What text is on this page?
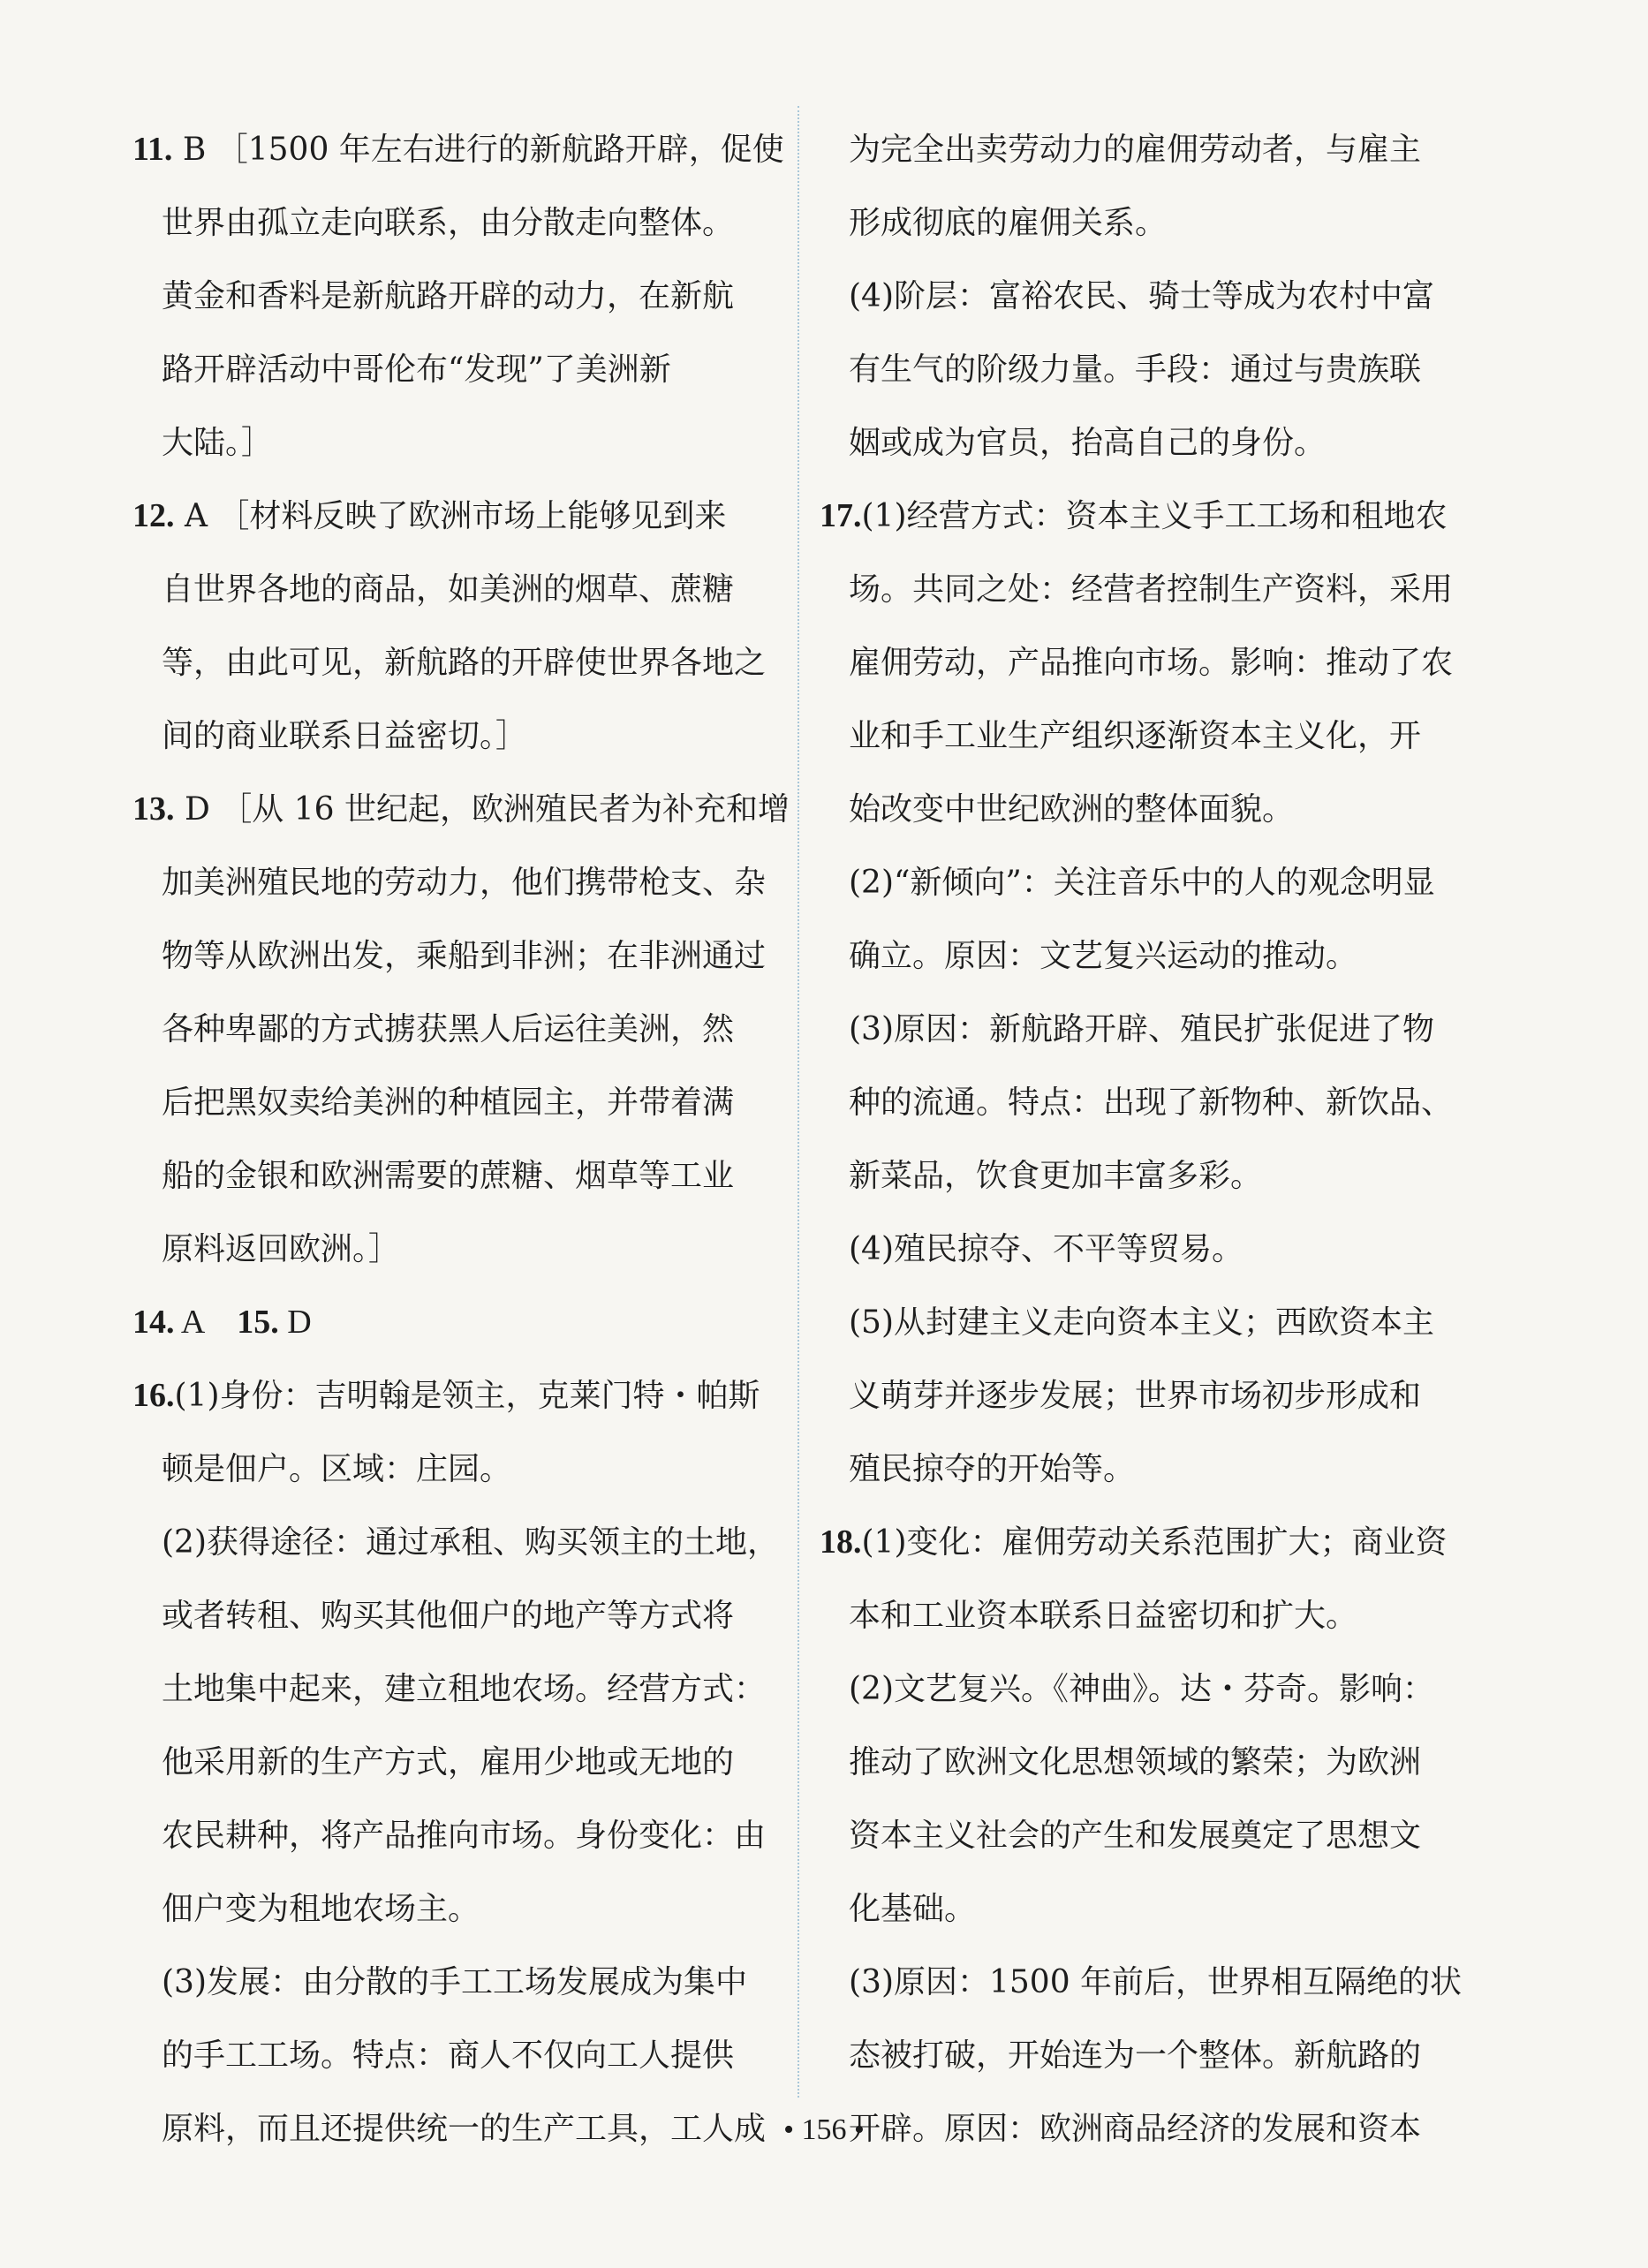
11. B ［1500 年左右进行的新航路开辟，促使
世界由孤立走向联系，由分散走向整体。
黄金和香料是新航路开辟的动力，在新航
路开辟活动中哥伦布“发现”了美洲新
大陆。］
12. A ［材料反映了欧洲市场上能够见到来
自世界各地的商品，如美洲的烟草、蔗糖
等，由此可见，新航路的开辟使世界各地之
间的商业联系日益密切。］
13. D ［从 16 世纪起，欧洲殖民者为补充和增
加美洲殖民地的劳动力，他们携带枪支、杂
物等从欧洲出发，乘船到非洲；在非洲通过
各种卑鄙的方式掳获黑人后运往美洲，然
后把黑奴卖给美洲的种植园主，并带着满
船的金银和欧洲需要的蔗糖、烟草等工业
原料返回欧洲。］
14. A　15. D
16.(1)身份：吉明翰是领主，克莱门特・帕斯
顿是佃户。区域：庄园。
(2)获得途径：通过承租、购买领主的土地，
或者转租、购买其他佃户的地产等方式将
土地集中起来，建立租地农场。经营方式：
他采用新的生产方式，雇用少地或无地的
农民耕种，将产品推向市场。身份变化：由
佃户变为租地农场主。
(3)发展：由分散的手工工场发展成为集中
的手工工场。特点：商人不仅向工人提供
原料，而且还提供统一的生产工具，工人成
为完全出卖劳动力的雇佣劳动者，与雇主
形成彻底的雇佣关系。
(4)阶层：富裕农民、骑士等成为农村中富
有生气的阶级力量。手段：通过与贵族联
姻或成为官员，抬高自己的身份。
17.(1)经营方式：资本主义手工工场和租地农
场。共同之处：经营者控制生产资料，采用
雇佣劳动，产品推向市场。影响：推动了农
业和手工业生产组织逐渐资本主义化，开
始改变中世纪欧洲的整体面貌。
(2)“新倾向”：关注音乐中的人的观念明显
确立。原因：文艺复兴运动的推动。
(3)原因：新航路开辟、殖民扩张促进了物
种的流通。特点：出现了新物种、新饮品、
新菜品，饮食更加丰富多彩。
(4)殖民掠夺、不平等贸易。
(5)从封建主义走向资本主义；西欧资本主
义萌芽并逐步发展；世界市场初步形成和
殖民掠夺的开始等。
18.(1)变化：雇佣劳动关系范围扩大；商业资
本和工业资本联系日益密切和扩大。
(2)文艺复兴。《神曲》。达・芬奇。影响：
推动了欧洲文化思想领域的繁荣；为欧洲
资本主义社会的产生和发展奠定了思想文
化基础。
(3)原因：1500 年前后，世界相互隔绝的状
态被打破，开始连为一个整体。新航路的
开辟。原因：欧洲商品经济的发展和资本
• 156 •
